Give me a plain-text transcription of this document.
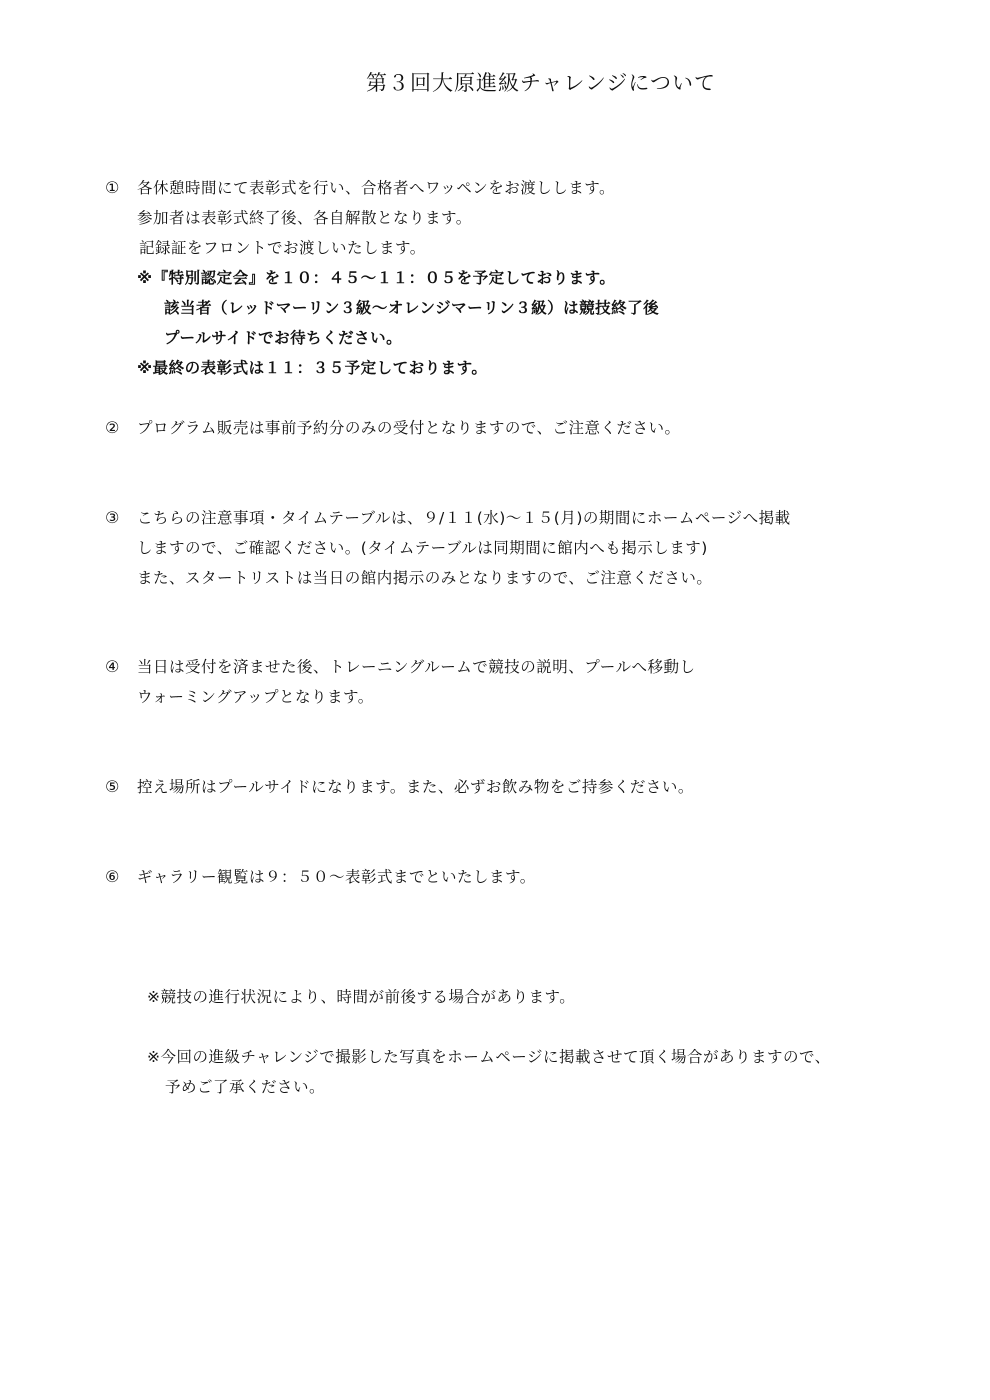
第３回大原進級チャレンジについて
① 各休憩時間にて表彰式を行い、合格者へワッペンをお渡しします。
参加者は表彰式終了後、各自解散となります。
記録証をフロントでお渡しいたします。
※『特別認定会』を１０：４５～１１：０５を予定しております。
該当者（レッドマーリン３級～オレンジマーリン３級）は競技終了後
プールサイドでお待ちください。
※最終の表彰式は１１：３５予定しております。
② プログラム販売は事前予約分のみの受付となりますので、ご注意ください。
③ こちらの注意事項・タイムテーブルは、９/１１(水)～１５(月)の期間にホームページへ掲載
しますので、ご確認ください。(タイムテーブルは同期間に館内へも掲示します)
また、スタートリストは当日の館内掲示のみとなりますので、ご注意ください。
④ 当日は受付を済ませた後、トレーニングルームで競技の説明、プールへ移動し
ウォーミングアップとなります。
⑤ 控え場所はプールサイドになります。また、必ずお飲み物をご持参ください。
⑥ ギャラリー観覧は９：５０～表彰式までといたします。
※競技の進行状況により、時間が前後する場合があります。
※今回の進級チャレンジで撮影した写真をホームページに掲載させて頂く場合がありますので、
予めご了承ください。
